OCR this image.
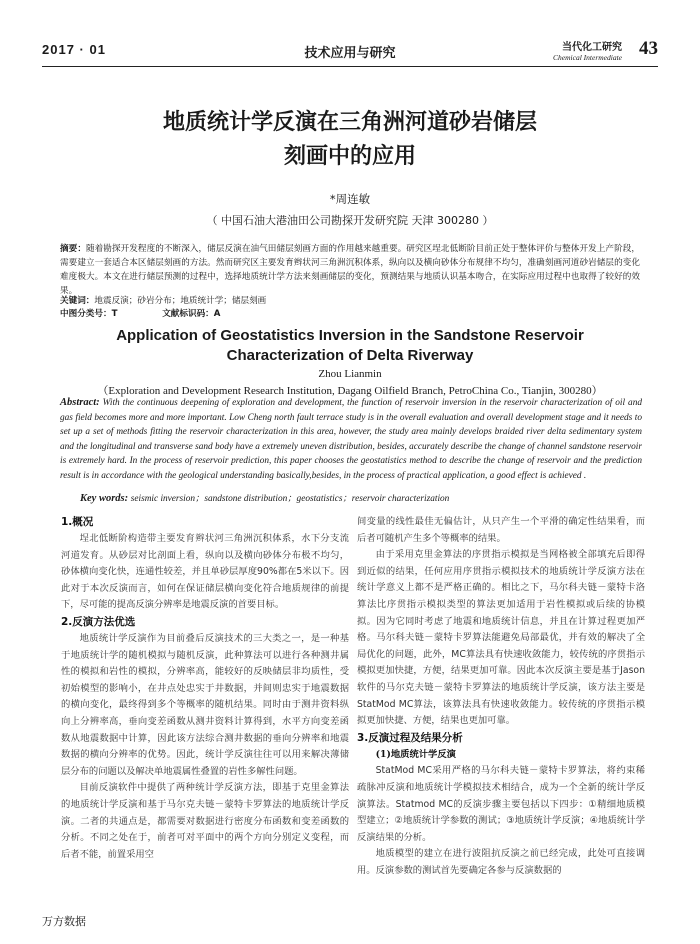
2017 · 01	技术应用与研究	当代化工研究
Chemical Intermediate 43
地质统计学反演在三角洲河道砂岩储层
刻画中的应用
*周连敏
（ 中国石油大港油田公司勘探开发研究院 天津 300280 ）
摘要：随着勘探开发程度的不断深入，储层反演在油气田储层刻画方面的作用越来越重要。研究区埕北低断阶目前正处于整体评价与整体开发上产阶段，需要建立一套适合本区储层刻画的方法。然而研究区主要发育辫状河三角洲沉积体系，纵向以及横向砂体分布规律不均匀，准确刻画河道砂岩储层的变化难度极大。本文在进行储层预测的过程中，选择地质统计学方法来刻画储层的变化，预测结果与地质认识基本吻合，在实际应用过程中也取得了较好的效果。
关键词：地震反演；砂岩分布；地质统计学；储层刻画
中图分类号：T	文献标识码：A
Application of Geostatistics Inversion in the Sandstone Reservoir
Characterization of Delta Riverway
Zhou Lianmin
（Exploration and Development Research Institution, Dagang Oilfield Branch, PetroChina Co., Tianjin, 300280）
Abstract: With the continuous deepening of exploration and development, the function of reservoir inversion in the reservoir characterization of oil and gas field becomes more and more important. Low Cheng north fault terrace study is in the overall evaluation and overall development stage and it needs to set up a set of methods fitting the reservoir characterization in this area, however, the study area mainly develops braided river delta sedimentary system and the longitudinal and transverse sand body have a extremely uneven distribution, besides, accurately describe the change of channel sandstone reservoir is extremely hard. In the process of reservoir prediction, this paper chooses the geostatistics method to describe the change of reservoir and the prediction result is in accordance with the geological understanding basically,besides, in the process of practical application, a good effect is achieved .
Key words: seismic inversion；sandstone distribution；geostatistics；reservoir characterization
1.概况

埕北低断阶构造带主要发育辫状河三角洲沉积体系，水下分支流河道发育。从砂层对比剖面上看，纵向以及横向砂体分布极不均匀，砂体横向变化快，连通性较差，并且单砂层厚度90%都在5米以下。因此对于本次反演而言，如何在保证储层横向变化符合地质规律的前提下，尽可能的提高反演分辨率是地震反演的首要目标。

2.反演方法优选

地质统计学反演作为目前叠后反演技术的三大类之一，是一种基于地质统计学的随机模拟与随机反演，此种算法可以进行各种测井属性的模拟和岩性的模拟，分辨率高，能较好的反映储层非均质性，受初始模型的影响小，在井点处忠实于井数据，并间则忠实于地震数据的横向变化，最终得到多个等概率的随机结果。同时由于测井资料纵向上分辨率高，垂向变差函数从测井资料计算得到，水平方向变差函数从地震数据中计算，因此该方法综合测井数据的垂向分辨率和地震数据的横向分辨率的优势。因此，统计学反演往往可以用来解决薄储层分布的问题以及解决单地震属性叠置的岩性多解性问题。

目前反演软件中提供了两种统计学反演方法，即基于克里金算法的地质统计学反演和基于马尔克夫链－蒙特卡罗算法的地质统计学反演。二者的共通点是，都需要对数据进行密度分布函数和变差函数的分析。不同之处在于，前者可对平面中的两个方向分别定义变程，而后者不能，前置采用空

间变量的线性最佳无偏估计，从只产生一个平滑的确定性结果看，而后者可随机产生多个等概率的结果。

由于采用克里金算法的序贯指示模拟是当网格被全部填充后即得到近似的结果，任何应用序贯指示模拟技术的地质统计学反演方法在统计学意义上都不是严格正确的。相比之下，马尔科夫链－蒙特卡洛算法比序贯指示模拟类型的算法更加适用于岩性模拟或后续的协模拟。因为它同时考虑了地震和地质统计信息，并且在计算过程更加严格。马尔科夫链－蒙特卡罗算法能避免局部最优，并有效的解决了全局优化的问题，此外，MC算法具有快速收敛能力，较传统的序贯指示模拟更加快捷，方便，结果更加可靠。因此本次反演主要是基于Jason软件的马尔克夫链－蒙特卡罗算法的地质统计学反演，该方法主要是StatMod MC算法，该算法具有快速收敛能力。较传统的序贯指示模拟更加快捷、方便，结果也更加可靠。

3.反演过程及结果分析
(1)地质统计学反演

StatMod MC采用严格的马尔科夫链－蒙特卡罗算法，将约束稀疏脉冲反演和地质统计学模拟技术相结合，成为一个全新的统计学反演算法。Statmod MC的反演步骤主要包括以下四步：①精细地质模型建立；②地质统计学参数的测试；③地质统计学反演；④地质统计学反演结果的分析。

地质模型的建立在进行波阻抗反演之前已经完成，此处可直接调用。反演参数的测试首先要确定各参与反演数据的

万方数据
